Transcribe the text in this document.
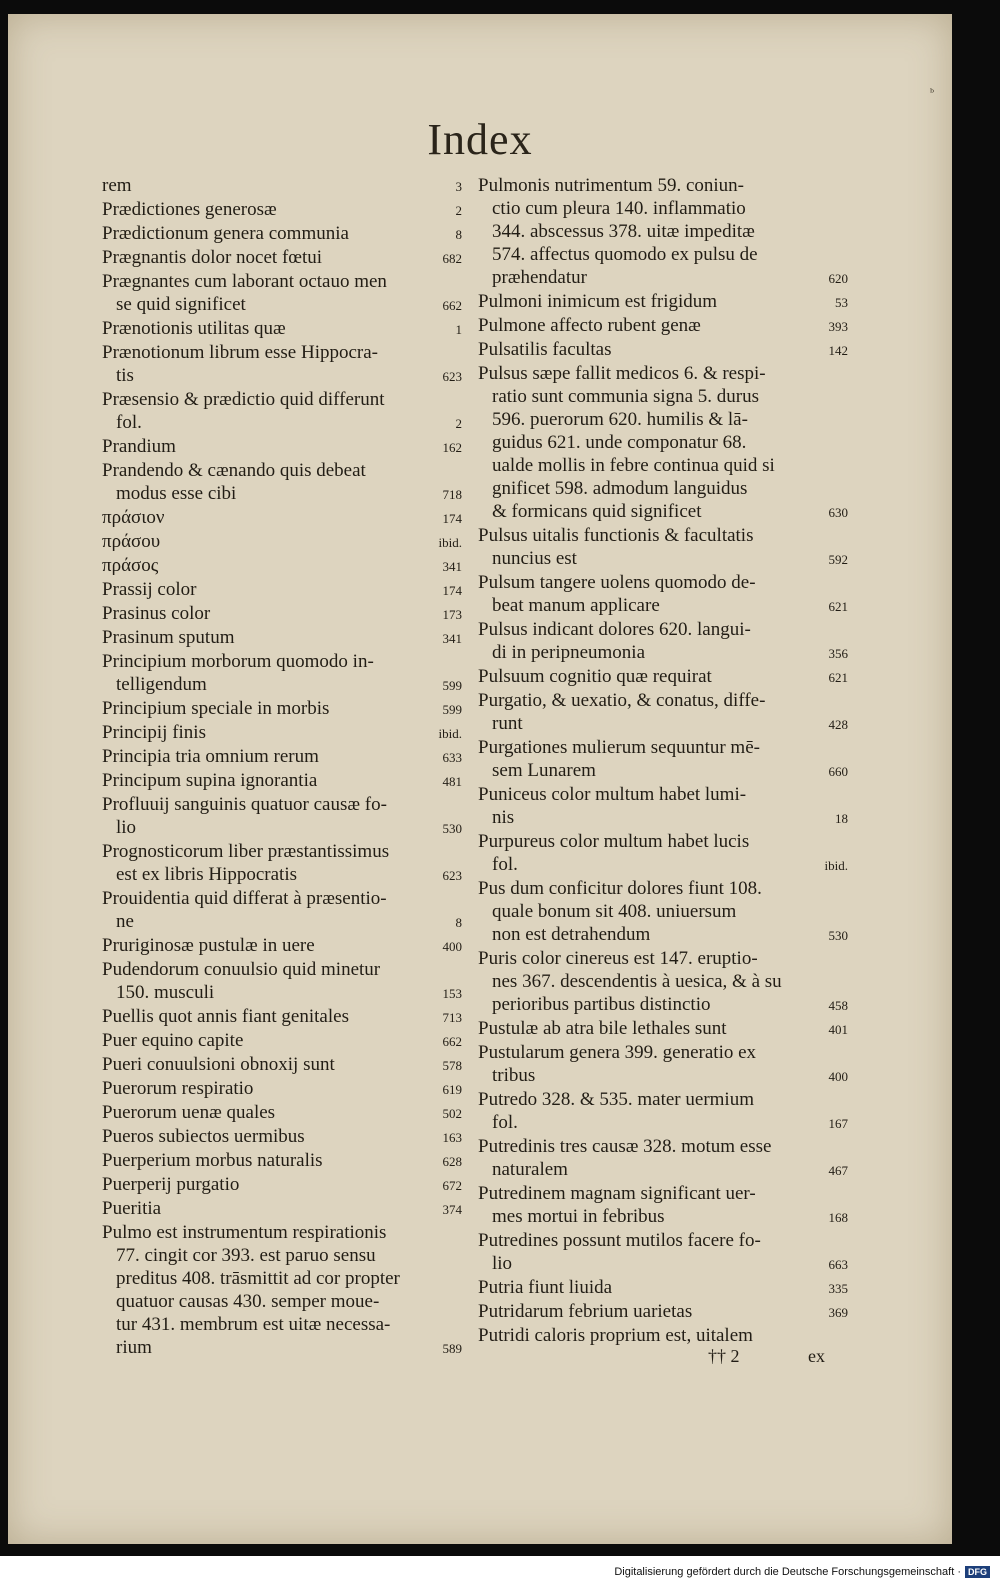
ᵇ
Index
rem	3
Prædictiones generosæ	2
Prædictionum genera communia	8
Prægnantis dolor nocet fœtui	682
Prægnantes cum laborant octauo men
se quid significet	662
Prænotionis utilitas quæ	1
Prænotionum librum esse Hippocra-
tis	623
Præsensio & prædictio quid differunt
fol.	2
Prandium	162
Prandendo & cænando quis debeat
modus esse cibi	718
πράσιον	174
πράσου	ibid.
πράσος	341
Prassij color	174
Prasinus color	173
Prasinum sputum	341
Principium morborum quomodo in-
telligendum	599
Principium speciale in morbis	599
Principij finis	ibid.
Principia tria omnium rerum	633
Principum supina ignorantia	481
Profluuij sanguinis quatuor causæ fo-
lio	530
Prognosticorum liber præstantissimus
est ex libris Hippocratis	623
Prouidentia quid differat à præsentio-
ne	8
Pruriginosæ pustulæ in uere	400
Pudendorum conuulsio quid minetur
150. musculi	153
Puellis quot annis fiant genitales	713
Puer equino capite	662
Pueri conuulsioni obnoxij sunt	578
Puerorum respiratio	619
Puerorum uenæ quales	502
Pueros subiectos uermibus	163
Puerperium morbus naturalis	628
Puerperij purgatio	672
Pueritia	374
Pulmo est instrumentum respirationis
77. cingit cor 393. est paruo sensu
preditus 408. trāsmittit ad cor propter
quatuor causas 430. semper moue-
tur 431. membrum est uitæ necessa-
rium	589
Pulmonis nutrimentum 59. coniun-
ctio cum pleura 140. inflammatio
344. abscessus 378. uitæ impeditæ
574. affectus quomodo ex pulsu de
præhendatur	620
Pulmoni inimicum est frigidum	53
Pulmone affecto rubent genæ	393
Pulsatilis facultas	142
Pulsus sæpe fallit medicos 6. & respi-
ratio sunt communia signa 5. durus
596. puerorum 620. humilis & lā-
guidus 621. unde componatur 68.
ualde mollis in febre continua quid si
gnificet 598. admodum languidus
& formicans quid significet	630
Pulsus uitalis functionis & facultatis
nuncius est	592
Pulsum tangere uolens quomodo de-
beat manum applicare	621
Pulsus indicant dolores 620. langui-
di in peripneumonia	356
Pulsuum cognitio quæ requirat	621
Purgatio, & uexatio, & conatus, diffe-
runt	428
Purgationes mulierum sequuntur mē-
sem Lunarem	660
Puniceus color multum habet lumi-
nis	18
Purpureus color multum habet lucis
fol.	ibid.
Pus dum conficitur dolores fiunt 108.
quale bonum sit 408. uniuersum
non est detrahendum	530
Puris color cinereus est 147. eruptio-
nes 367. descendentis à uesica, & à su
perioribus partibus distinctio	458
Pustulæ ab atra bile lethales sunt	401
Pustularum genera 399. generatio ex
tribus	400
Putredo 328. & 535. mater uermium
fol.	167
Putredinis tres causæ 328. motum esse
naturalem	467
Putredinem magnam significant uer-
mes mortui in febribus	168
Putredines possunt mutilos facere fo-
lio	663
Putria fiunt liuida	335
Putridarum febrium uarietas	369
Putridi caloris proprium est, uitalem
†† 2	ex
Digitalisierung gefördert durch die Deutsche Forschungsgemeinschaft · DFG
